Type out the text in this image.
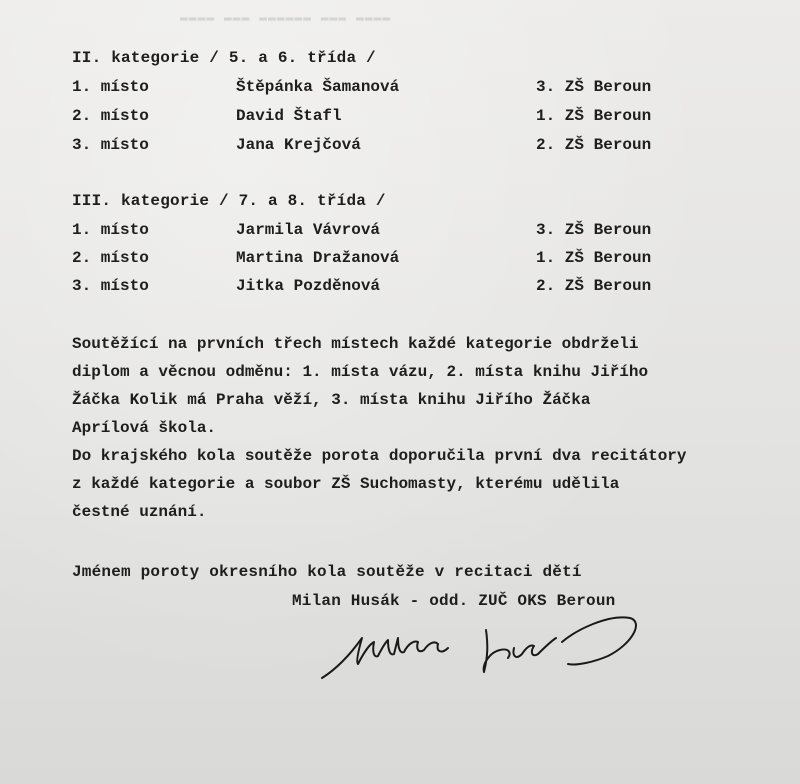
▬▬▬▬ ▬▬▬ ▬▬▬▬▬▬ ▬▬▬ ▬▬▬▬
II. kategorie / 5. a 6. třída /
1. místo	Štěpánka Šamanová	3. ZŠ Beroun
2. místo	David Štafl	1. ZŠ Beroun
3. místo	Jana Krejčová	2. ZŠ Beroun
III. kategorie / 7. a 8. třída /
1. místo	Jarmila Vávrová	3. ZŠ Beroun
2. místo	Martina Dražanová	1. ZŠ Beroun
3. místo	Jitka Pozděnová	2. ZŠ Beroun
Soutěžící na prvních třech místech každé kategorie obdrželi
diplom a věcnou odměnu: 1. místa vázu, 2. místa knihu Jiřího
Žáčka Kolik má Praha věží, 3. místa knihu Jiřího Žáčka
Aprílová škola.
Do krajského kola soutěže porota doporučila první dva recitátory
z každé kategorie a soubor ZŠ Suchomasty, kterému udělila
čestné uznání.
Jménem poroty okresního kola soutěže v recitaci dětí
Milan Husák - odd. ZUČ OKS Beroun
